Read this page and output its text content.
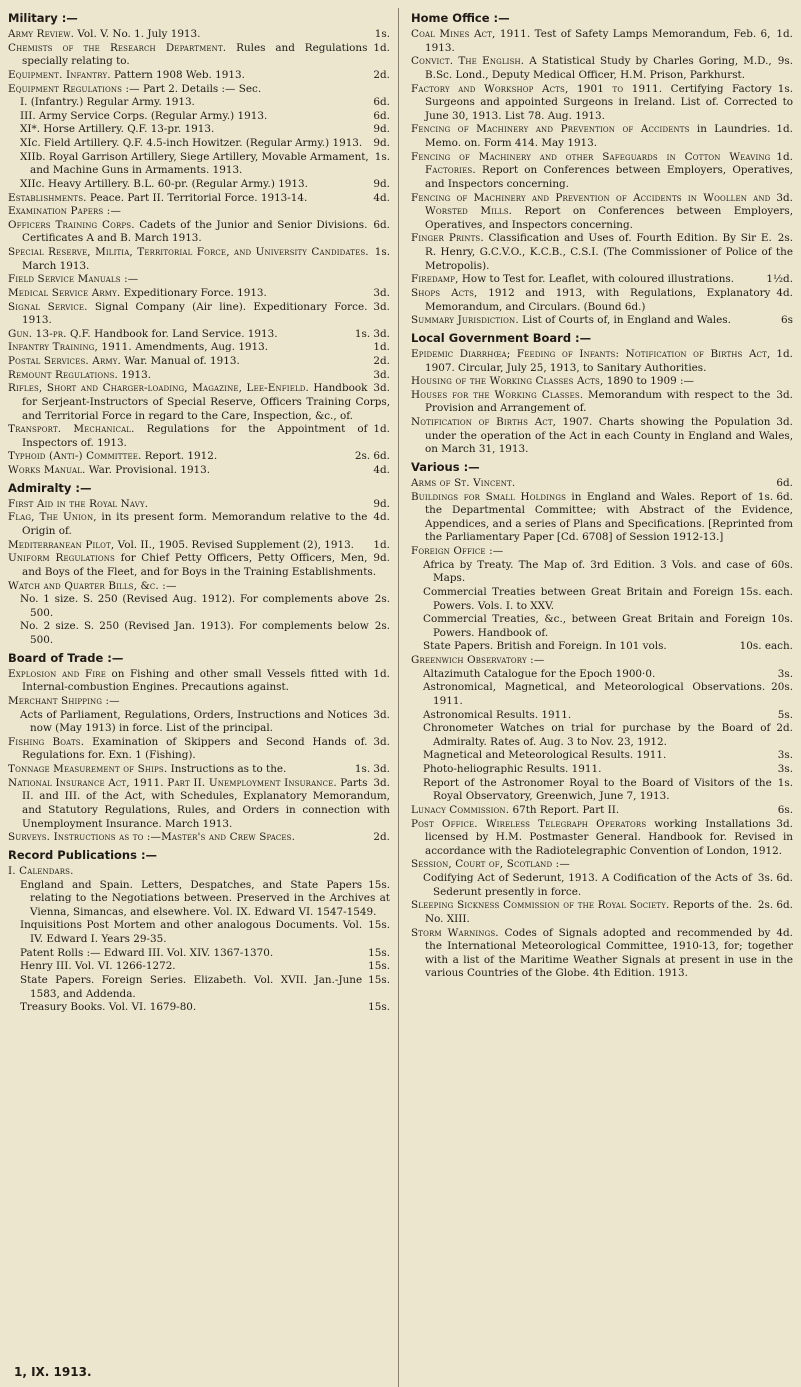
Military :—
1s.
Army Review. Vol. V. No. 1. July 1913.
1d.
Chemists of the Research Department. Rules and Regulations specially relating to.
2d.
Equipment. Infantry. Pattern 1908 Web. 1913.
Equipment Regulations :— Part 2. Details :— Sec.
6d.
I. (Infantry.) Regular Army. 1913.
6d.
III. Army Service Corps. (Regular Army.) 1913.
9d.
XI*. Horse Artillery. Q.F. 13-pr. 1913.
9d.
XIc. Field Artillery. Q.F. 4.5-inch Howitzer. (Regular Army.) 1913.
1s.
XIIb. Royal Garrison Artillery, Siege Artillery, Movable Armament, and Machine Guns in Armaments. 1913.
9d.
XIIc. Heavy Artillery. B.L. 60-pr. (Regular Army.) 1913.
4d.
Establishments. Peace. Part II. Territorial Force. 1913-14.
Examination Papers :—
6d.
Officers Training Corps. Cadets of the Junior and Senior Divisions. Certificates A and B. March 1913.
1s.
Special Reserve, Militia, Territorial Force, and University Candidates. March 1913.
Field Service Manuals :—
3d.
Medical Service Army. Expeditionary Force. 1913.
3d.
Signal Service. Signal Company (Air line). Expeditionary Force. 1913.
1s. 3d.
Gun. 13-pr. Q.F. Handbook for. Land Service. 1913.
1d.
Infantry Training, 1911. Amendments, Aug. 1913.
2d.
Postal Services. Army. War. Manual of. 1913.
3d.
Remount Regulations. 1913.
3d.
Rifles, Short and Charger-loading, Magazine, Lee-Enfield. Handbook for Serjeant-Instructors of Special Reserve, Officers Training Corps, and Territorial Force in regard to the Care, Inspection, &c., of.
1d.
Transport. Mechanical. Regulations for the Appointment of Inspectors of. 1913.
2s. 6d.
Typhoid (Anti-) Committee. Report. 1912.
4d.
Works Manual. War. Provisional. 1913.
Admiralty :—
9d.
First Aid in the Royal Navy.
4d.
Flag, The Union, in its present form. Memorandum relative to the Origin of.
1d.
Mediterranean Pilot, Vol. II., 1905. Revised Supplement (2), 1913.
9d.
Uniform Regulations for Chief Petty Officers, Petty Officers, Men, and Boys of the Fleet, and for Boys in the Training Establishments.
Watch and Quarter Bills, &c. :—
2s.
No. 1 size. S. 250 (Revised Aug. 1912). For complements above 500.
2s.
No. 2 size. S. 250 (Revised Jan. 1913). For complements below 500.
Board of Trade :—
1d.
Explosion and Fire on Fishing and other small Vessels fitted with Internal-combustion Engines. Precautions against.
Merchant Shipping :—
3d.
Acts of Parliament, Regulations, Orders, Instructions and Notices now (May 1913) in force. List of the principal.
3d.
Fishing Boats. Examination of Skippers and Second Hands of. Regulations for. Exn. 1 (Fishing).
1s. 3d.
Tonnage Measurement of Ships. Instructions as to the.
3d.
National Insurance Act, 1911. Part II. Unemployment Insurance. Parts II. and III. of the Act, with Schedules, Explanatory Memorandum, and Statutory Regulations, Rules, and Orders in connection with Unemployment Insurance. March 1913.
2d.
Surveys. Instructions as to :—Master's and Crew Spaces.
Record Publications :—
I. Calendars.
15s.
England and Spain. Letters, Despatches, and State Papers relating to the Negotiations between. Preserved in the Archives at Vienna, Simancas, and elsewhere. Vol. IX. Edward VI. 1547-1549.
15s.
Inquisitions Post Mortem and other analogous Documents. Vol. IV. Edward I. Years 29-35.
15s.
Patent Rolls :— Edward III. Vol. XIV. 1367-1370.
15s.
Henry III. Vol. VI. 1266-1272.
15s.
State Papers. Foreign Series. Elizabeth. Vol. XVII. Jan.-June 1583, and Addenda.
15s.
Treasury Books. Vol. VI. 1679-80.
Home Office :—
1d.
Coal Mines Act, 1911. Test of Safety Lamps Memorandum, Feb. 6, 1913.
9s.
Convict. The English. A Statistical Study by Charles Goring, M.D., B.Sc. Lond., Deputy Medical Officer, H.M. Prison, Parkhurst.
1s.
Factory and Workshop Acts, 1901 to 1911. Certifying Factory Surgeons and appointed Surgeons in Ireland. List of. Corrected to June 30, 1913. List 78. Aug. 1913.
1d.
Fencing of Machinery and Prevention of Accidents in Laundries. Memo. on. Form 414. May 1913.
1d.
Fencing of Machinery and other Safeguards in Cotton Weaving Factories. Report on Conferences between Employers, Operatives, and Inspectors concerning.
3d.
Fencing of Machinery and Prevention of Accidents in Woollen and Worsted Mills. Report on Conferences between Employers, Operatives, and Inspectors concerning.
2s.
Finger Prints. Classification and Uses of. Fourth Edition. By Sir E. R. Henry, G.C.V.O., K.C.B., C.S.I. (The Commissioner of Police of the Metropolis).
1½d.
Firedamp, How to Test for. Leaflet, with coloured illustrations.
4d.
Shops Acts, 1912 and 1913, with Regulations, Explanatory Memorandum, and Circulars. (Bound 6d.)
6s
Summary Jurisdiction. List of Courts of, in England and Wales.
Local Government Board :—
1d.
Epidemic Diarrhœa; Feeding of Infants: Notification of Births Act, 1907. Circular, July 25, 1913, to Sanitary Authorities.
Housing of the Working Classes Acts, 1890 to 1909 :—
3d.
Houses for the Working Classes. Memorandum with respect to the Provision and Arrangement of.
3d.
Notification of Births Act, 1907. Charts showing the Population under the operation of the Act in each County in England and Wales, on March 31, 1913.
Various :—
6d.
Arms of St. Vincent.
1s. 6d.
Buildings for Small Holdings in England and Wales. Report of the Departmental Committee; with Abstract of the Evidence, Appendices, and a series of Plans and Specifications. [Reprinted from the Parliamentary Paper [Cd. 6708] of Session 1912-13.]
Foreign Office :—
60s.
Africa by Treaty. The Map of. 3rd Edition. 3 Vols. and case of Maps.
15s. each.
Commercial Treaties between Great Britain and Foreign Powers. Vols. I. to XXV.
10s.
Commercial Treaties, &c., between Great Britain and Foreign Powers. Handbook of.
10s. each.
State Papers. British and Foreign. In 101 vols.
Greenwich Observatory :—
3s.
Altazimuth Catalogue for the Epoch 1900·0.
20s.
Astronomical, Magnetical, and Meteorological Observations. 1911.
5s.
Astronomical Results. 1911.
2d.
Chronometer Watches on trial for purchase by the Board of Admiralty. Rates of. Aug. 3 to Nov. 23, 1912.
3s.
Magnetical and Meteorological Results. 1911.
3s.
Photo-heliographic Results. 1911.
1s.
Report of the Astronomer Royal to the Board of Visitors of the Royal Observatory, Greenwich, June 7, 1913.
6s.
Lunacy Commission. 67th Report. Part II.
3d.
Post Office. Wireless Telegraph Operators working Installations licensed by H.M. Postmaster General. Handbook for. Revised in accordance with the Radiotelegraphic Convention of London, 1912.
Session, Court of, Scotland :—
3s. 6d.
Codifying Act of Sederunt, 1913. A Codification of the Acts of Sederunt presently in force.
2s. 6d.
Sleeping Sickness Commission of the Royal Society. Reports of the. No. XIII.
4d.
Storm Warnings. Codes of Signals adopted and recommended by the International Meteorological Committee, 1910-13, for; together with a list of the Maritime Weather Signals at present in use in the various Countries of the Globe. 4th Edition. 1913.
1, IX. 1913.
